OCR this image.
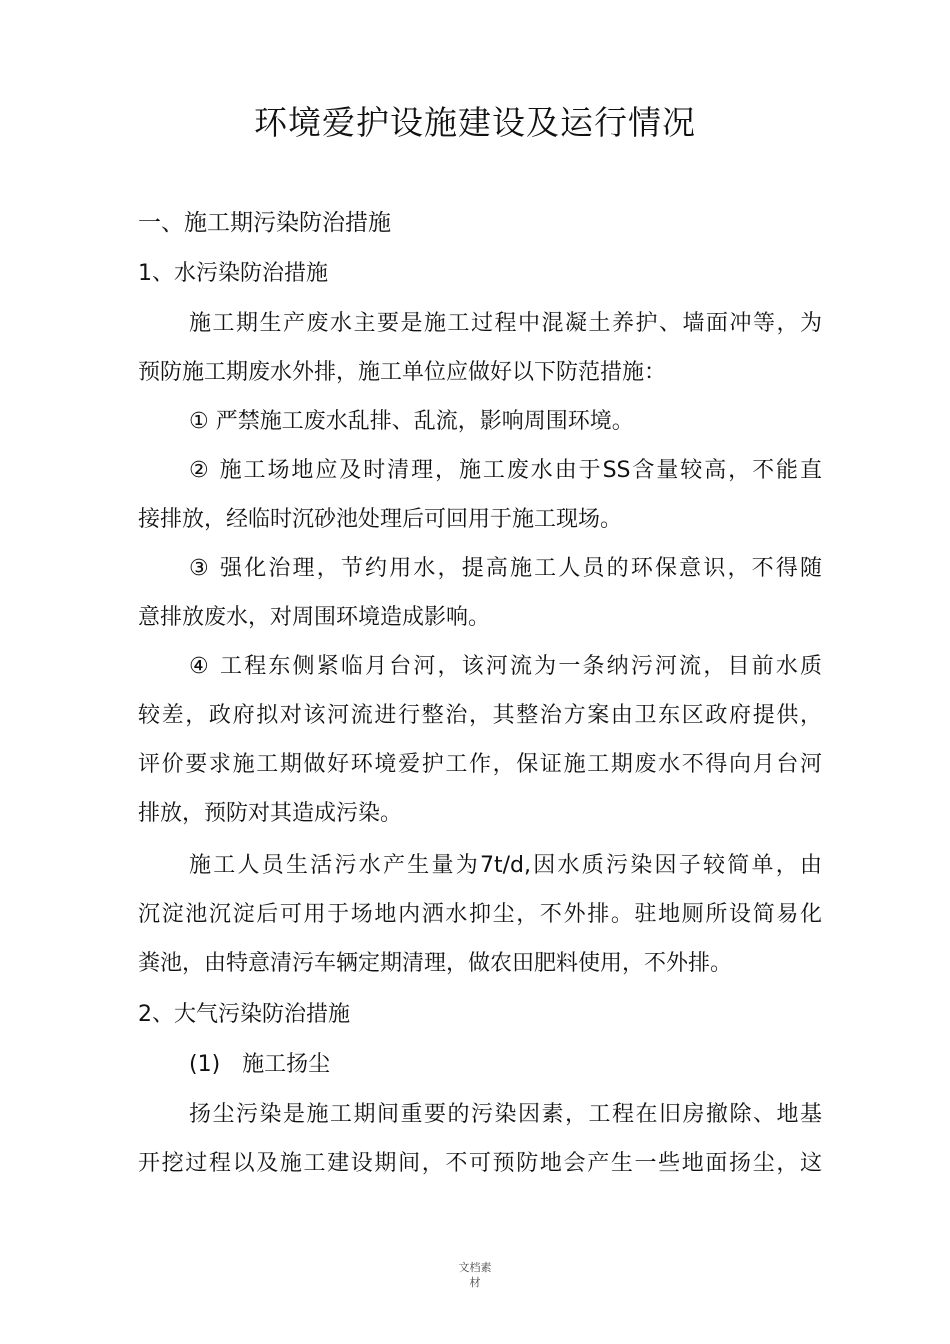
环境爱护设施建设及运行情况

一、施工期污染防治措施

1、水污染防治措施

施工期生产废水主要是施工过程中混凝土养护、墙面冲等，为

预防施工期废水外排，施工单位应做好以下防范措施：

① 严禁施工废水乱排、乱流，影响周围环境。

② 施工场地应及时清理，施工废水由于SS含量较高，不能直

接排放，经临时沉砂池处理后可回用于施工现场。

③ 强化治理，节约用水，提高施工人员的环保意识，不得随

意排放废水，对周围环境造成影响。

④ 工程东侧紧临月台河，该河流为一条纳污河流，目前水质

较差，政府拟对该河流进行整治，其整治方案由卫东区政府提供，

评价要求施工期做好环境爱护工作，保证施工期废水不得向月台河

排放，预防对其造成污染。

施工人员生活污水产生量为7t/d,因水质污染因子较简单，由

沉淀池沉淀后可用于场地内洒水抑尘，不外排。驻地厕所设简易化

粪池，由特意清污车辆定期清理，做农田肥料使用，不外排。

2、大气污染防治措施

(1)　施工扬尘

扬尘污染是施工期间重要的污染因素，工程在旧房撤除、地基

开挖过程以及施工建设期间，不可预防地会产生一些地面扬尘，这

文档素
材
